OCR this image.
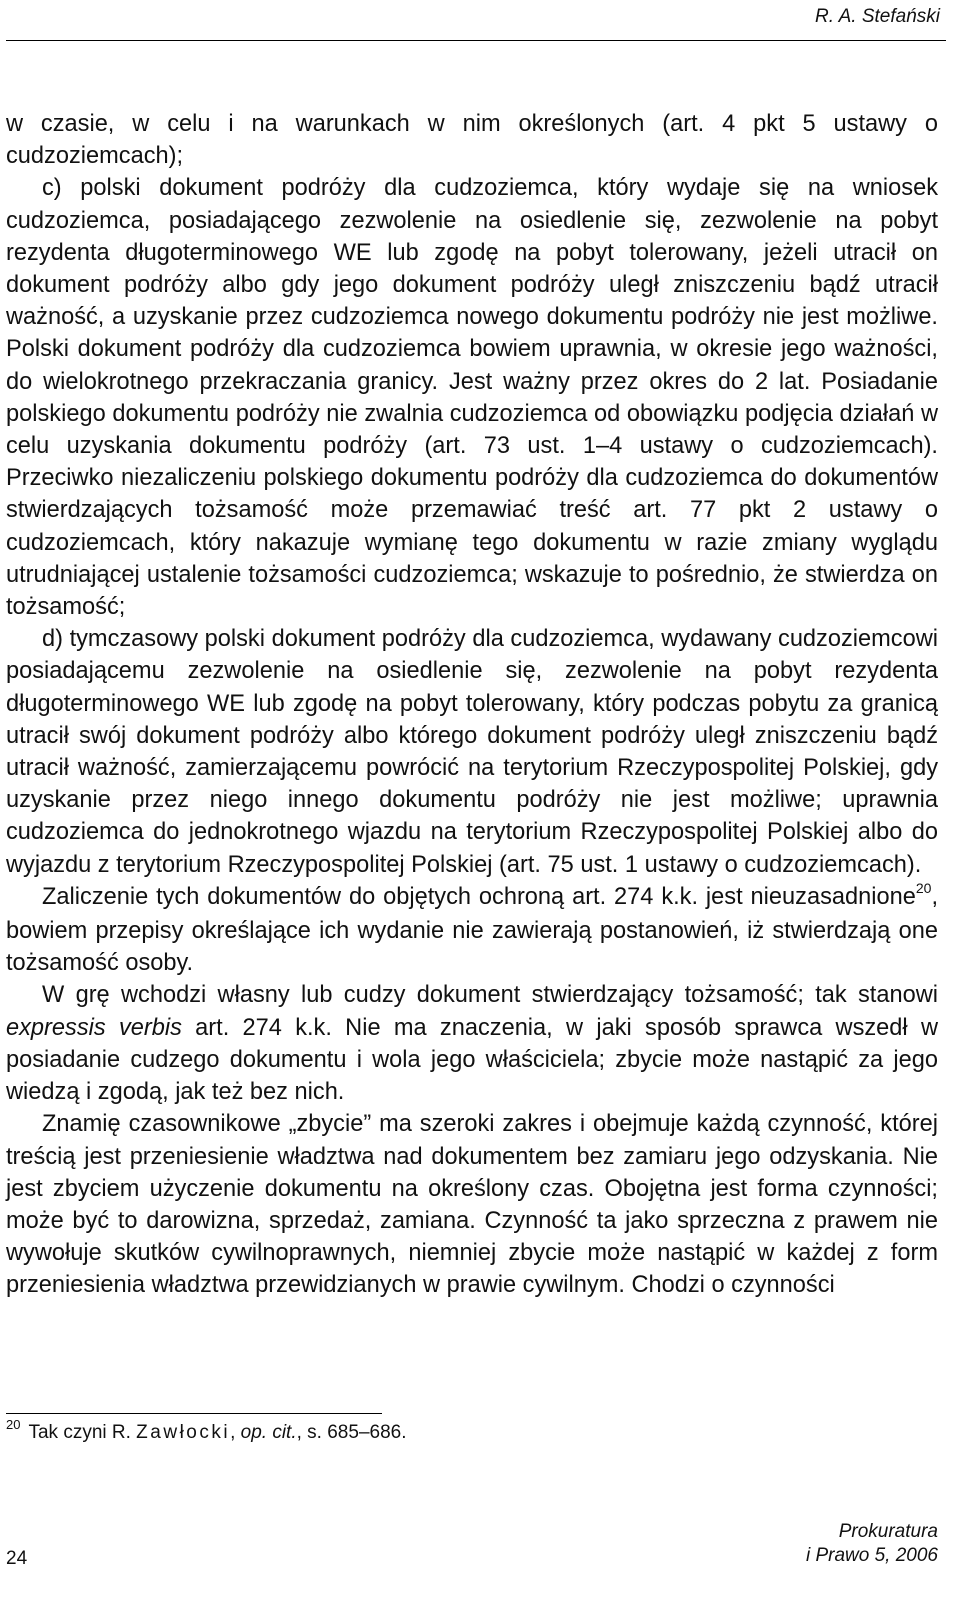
R. A. Stefański

w czasie, w celu i na warunkach w nim określonych (art. 4 pkt 5 ustawy o cudzoziemcach);

c) polski dokument podróży dla cudzoziemca, który wydaje się na wniosek cudzoziemca, posiadającego zezwolenie na osiedlenie się, zezwolenie na pobyt rezydenta długoterminowego WE lub zgodę na pobyt tolerowany, jeżeli utracił on dokument podróży albo gdy jego dokument podróży uległ zniszczeniu bądź utracił ważność, a uzyskanie przez cudzoziemca nowego dokumentu podróży nie jest możliwe. Polski dokument podróży dla cudzoziemca bowiem uprawnia, w okresie jego ważności, do wielokrotnego przekraczania granicy. Jest ważny przez okres do 2 lat. Posiadanie polskiego dokumentu podróży nie zwalnia cudzoziemca od obowiązku podjęcia działań w celu uzyskania dokumentu podróży (art. 73 ust. 1–4 ustawy o cudzoziemcach). Przeciwko niezaliczeniu polskiego dokumentu podróży dla cudzoziemca do dokumentów stwierdzających tożsamość może przemawiać treść art. 77 pkt 2 ustawy o cudzoziemcach, który nakazuje wymianę tego dokumentu w razie zmiany wyglądu utrudniającej ustalenie tożsamości cudzoziemca; wskazuje to pośrednio, że stwierdza on tożsamość;

d) tymczasowy polski dokument podróży dla cudzoziemca, wydawany cudzoziemcowi posiadającemu zezwolenie na osiedlenie się, zezwolenie na pobyt rezydenta długoterminowego WE lub zgodę na pobyt tolerowany, który podczas pobytu za granicą utracił swój dokument podróży albo którego dokument podróży uległ zniszczeniu bądź utracił ważność, zamierzającemu powrócić na terytorium Rzeczypospolitej Polskiej, gdy uzyskanie przez niego innego dokumentu podróży nie jest możliwe; uprawnia cudzoziemca do jednokrotnego wjazdu na terytorium Rzeczypospolitej Polskiej albo do wyjazdu z terytorium Rzeczypospolitej Polskiej (art. 75 ust. 1 ustawy o cudzoziemcach).

Zaliczenie tych dokumentów do objętych ochroną art. 274 k.k. jest nieuzasadnione$^{20}$, bowiem przepisy określające ich wydanie nie zawierają postanowień, iż stwierdzają one tożsamość osoby.

W grę wchodzi własny lub cudzy dokument stwierdzający tożsamość; tak stanowi expressis verbis art. 274 k.k. Nie ma znaczenia, w jaki sposób sprawca wszedł w posiadanie cudzego dokumentu i wola jego właściciela; zbycie może nastąpić za jego wiedzą i zgodą, jak też bez nich.

Znamię czasownikowe „zbycie” ma szeroki zakres i obejmuje każdą czynność, której treścią jest przeniesienie władztwa nad dokumentem bez zamiaru jego odzyskania. Nie jest zbyciem użyczenie dokumentu na określony czas. Obojętna jest forma czynności; może być to darowizna, sprzedaż, zamiana. Czynność ta jako sprzeczna z prawem nie wywołuje skutków cywilnoprawnych, niemniej zbycie może nastąpić w każdej z form przeniesienia władztwa przewidzianych w prawie cywilnym. Chodzi o czynności

$^{20}$ Tak czyni R. Zawłocki, op. cit., s. 685–686.
24
Prokuratura
i Prawo 5, 2006
